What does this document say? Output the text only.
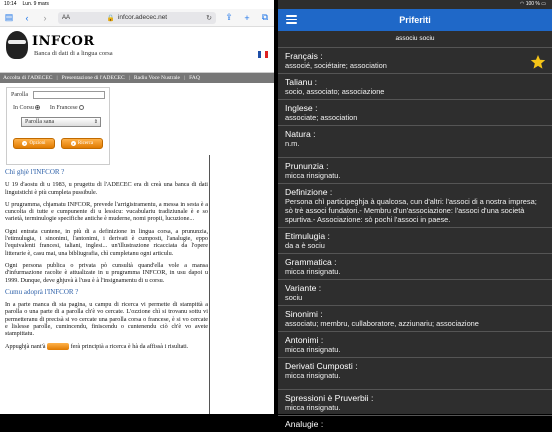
10:14 Lun. 9 mars
▤	‹	›	AA	🔒 infcor.adecec.net	↻ ⇪ + ⧉
INFCOR
Banca di dati di a lingua corsa
Accolta di l'ADECEC | Presentazione di l'ADECEC | Radiu Voce Nustrale | FAQ
Parolla
In Corsu	In Francese
Parolla sana	⇕
+ Opzioni	⌕ Ricerca
Chì ghjè l'INFCOR ?

U 19 d'aostu di u 1983, u prugettu di l'ADECEC era di creà una banca di dati linguistichi è più cumpleta pussibule.

U prugramma, chjamatu INFCOR, prevede l'arrigistramentu, a messa in sesta è a cuncolta di tutte e cumpunente di u lessicu: vucabulariu tradiziunale è e so varietà, terminulogie specifiche antiche è muderne, nomi propii, lucuzione...

Ogni entrata cuntene, in più di a definizione in lingua corsa, a prununzia, l'etimulugia, i sinonimi, l'antonimi, i derivati è cumposti, l'analugie, eppo l'equivalenti francesi, taliani, inglesi... un'illustrazione ricacciata da l'opere litterarie è, casu mai, una bibliugrafia, chì cumpletanu ogni articulu.

Ogni persona publica o privata pò cunsultà quand'ella vole a mansa d'infurmazione racolte è attualizate in u prugramma INFCOR, in usu dapoi u 1999. Dunque, deve ghjuvà à l'usu è à l'insignamentu di u corsu.

Cumu adoprà l'INFCOR ?

In a parte manca di sta pagina, u campu di ricerca vi permette di stampittà a parolla o una parte di a parolla ch'è vo cercate. L'ozzione chì si trovanu sottu vi permetteranu di precisà si vo cercate una parolla corsa o francese, è si vo cercate e lislesse parolle, cumincendu, finiscendu o cuntenendu ciò ch'è vo avete stampittatu.

Appughjà nant'à	ferà principià a ricerca è hà da affissà i risultati.

◠ 100 % ▭
Priferiti
associu sociu
Français :
associé, sociétaire; association
Talianu :
socio, associato; associazione
Inglese :
associate; association
Natura :
n.m.
Prununzia :
micca rinsignatu.
Definizione :
Persona chì participeghja à qualcosa, cun d'altri: l'associ di a nostra impresa; sò trè associ fundatori.- Membru d'un'associazione: l'associ d'una società spurtiva.- Associazione: sò pochi l'associ in paese.
Etimulugia :
da a è sociu
Grammatica :
micca rinsignatu.
Variante :
sociu
Sinonimi :
associatu; membru, cullaboratore, azziunariu; associazione
Antonimi :
micca rinsignatu.
Derivati Cumposti :
micca rinsignatu.
Spressioni è Pruverbii :
micca rinsignatu.
Analugie :
